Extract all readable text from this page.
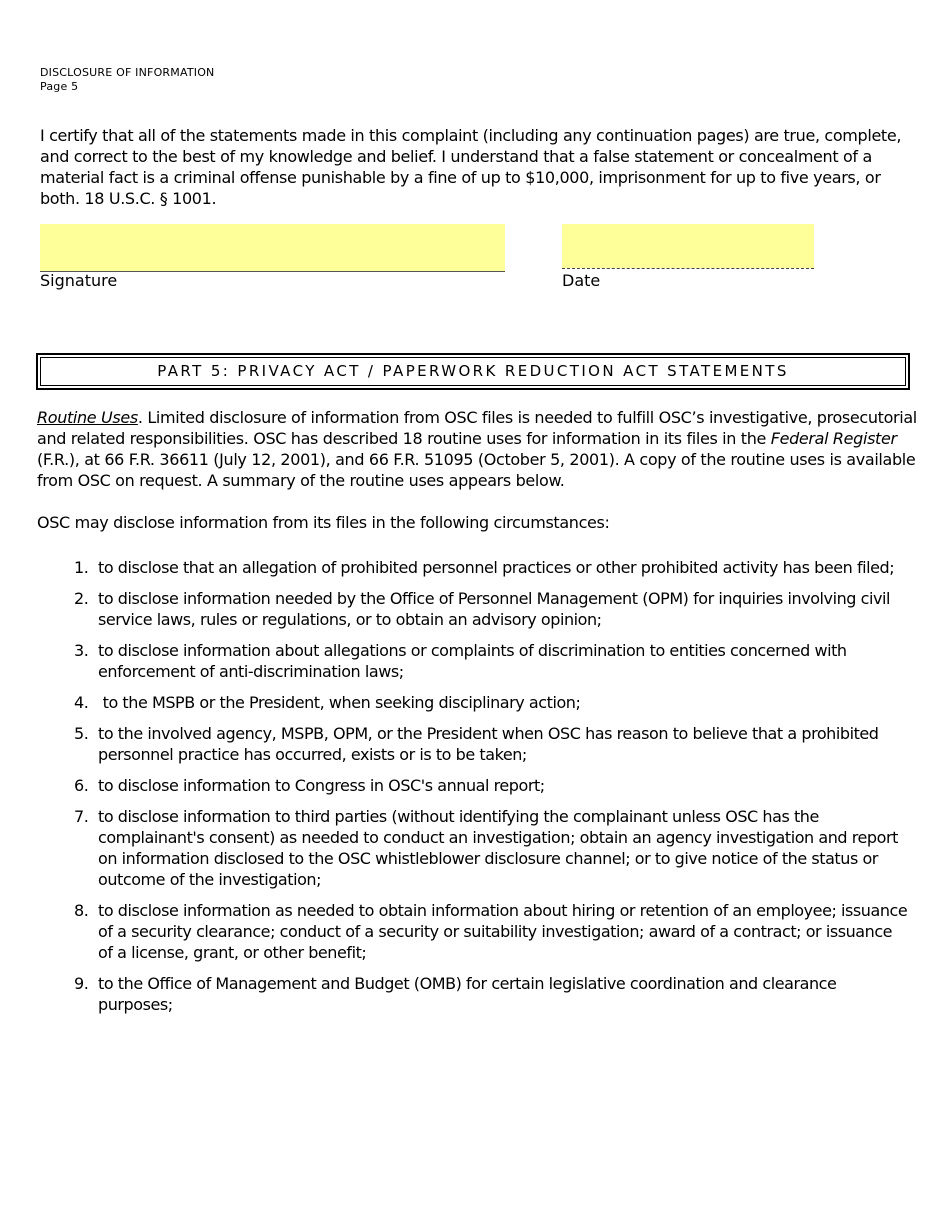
DISCLOSURE OF INFORMATION
Page 5

I certify that all of the statements made in this complaint (including any continuation pages) are true, complete, and correct to the best of my knowledge and belief. I understand that a false statement or concealment of a material fact is a criminal offense punishable by a fine of up to $10,000, imprisonment for up to five years, or both. 18 U.S.C. § 1001.

Signature	Date
PART 5: PRIVACY ACT / PAPERWORK REDUCTION ACT STATEMENTS

Routine Uses. Limited disclosure of information from OSC files is needed to fulfill OSC’s investigative, prosecutorial and related responsibilities. OSC has described 18 routine uses for information in its files in the Federal Register (F.R.), at 66 F.R. 36611 (July 12, 2001), and 66 F.R. 51095 (October 5, 2001). A copy of the routine uses is available from OSC on request. A summary of the routine uses appears below.

OSC may disclose information from its files in the following circumstances:

1. to disclose that an allegation of prohibited personnel practices or other prohibited activity has been filed;
2. to disclose information needed by the Office of Personnel Management (OPM) for inquiries involving civil service laws, rules or regulations, or to obtain an advisory opinion;
3. to disclose information about allegations or complaints of discrimination to entities concerned with enforcement of anti-discrimination laws;
4. to the MSPB or the President, when seeking disciplinary action;
5. to the involved agency, MSPB, OPM, or the President when OSC has reason to believe that a prohibited personnel practice has occurred, exists or is to be taken;
6. to disclose information to Congress in OSC's annual report;
7. to disclose information to third parties (without identifying the complainant unless OSC has the complainant's consent) as needed to conduct an investigation; obtain an agency investigation and report on information disclosed to the OSC whistleblower disclosure channel; or to give notice of the status or outcome of the investigation;
8. to disclose information as needed to obtain information about hiring or retention of an employee; issuance of a security clearance; conduct of a security or suitability investigation; award of a contract; or issuance of a license, grant, or other benefit;
9. to the Office of Management and Budget (OMB) for certain legislative coordination and clearance purposes;
